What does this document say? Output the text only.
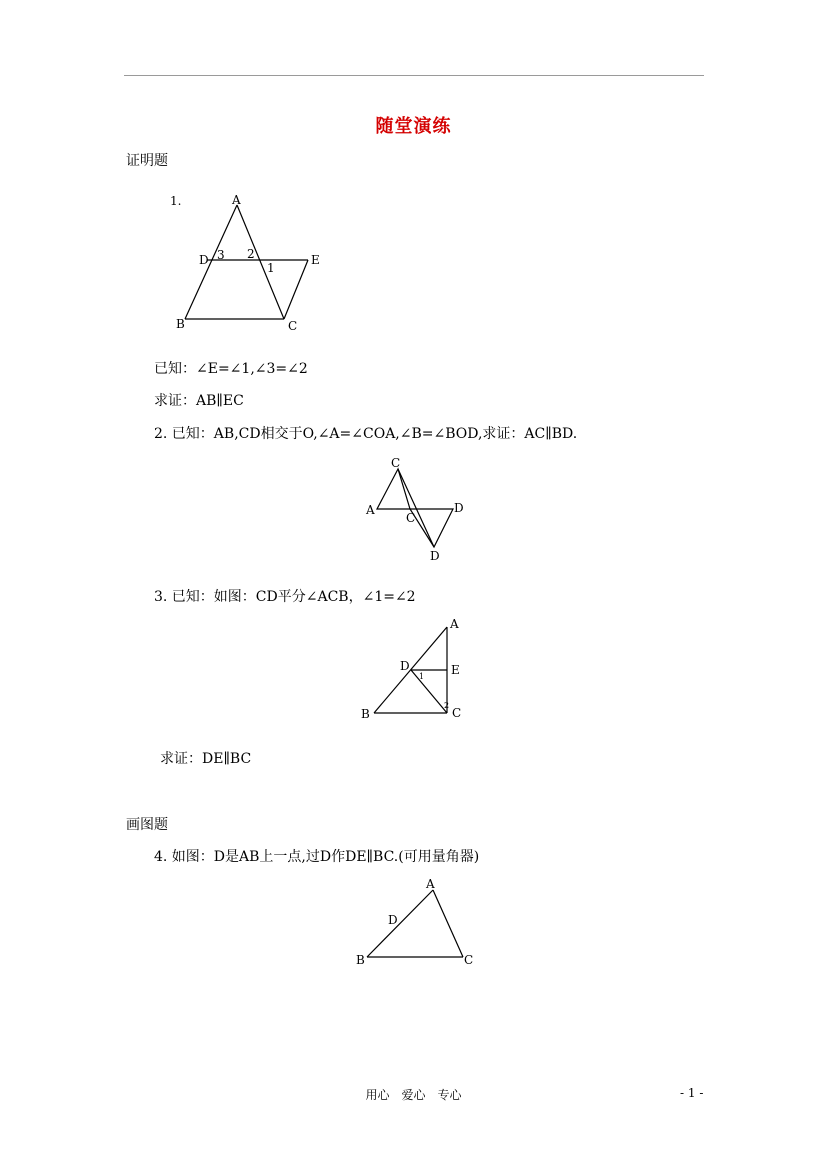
随堂演练
证明题
1.	A
B	C
D	E
1
2
3
已知：∠E=∠1,∠3=∠2
求证：AB∥EC
2. 已知：AB,CD相交于O,∠A=∠COA,∠B=∠BOD,求证：AC∥BD.
C
A
C
D
D
3. 已知：如图：CD平分∠ACB，∠1=∠2
A
B	C
D	E
1
2
求证：DE∥BC
画图题
4. 如图：D是AB上一点,过D作DE∥BC.(可用量角器)
A
B	C
D
用心　爱心　专心	- 1 -
